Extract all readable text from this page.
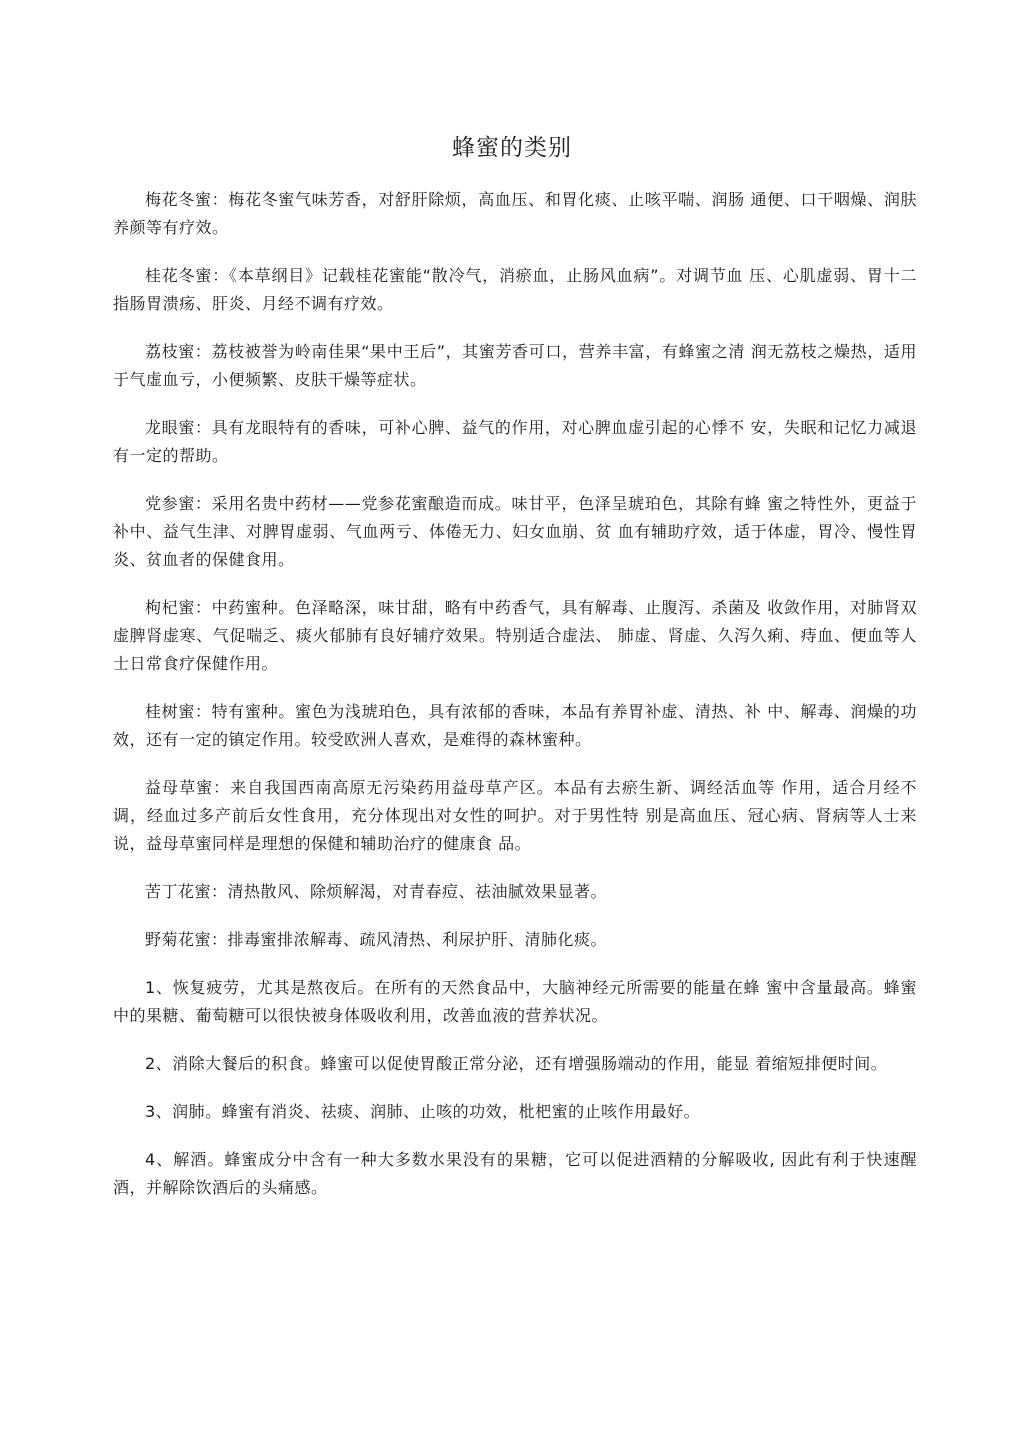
蜂蜜的类别

梅花冬蜜：梅花冬蜜气味芳香，对舒肝除烦，高血压、和胃化痰、止咳平喘、润肠 通便、口干咽燥、润肤养颜等有疗效。

桂花冬蜜：《本草纲目》记载桂花蜜能“散冷气，消瘀血，止肠风血病”。对调节血 压、心肌虚弱、胃十二指肠胃溃疡、肝炎、月经不调有疗效。

荔枝蜜：荔枝被誉为岭南佳果“果中王后”，其蜜芳香可口，营养丰富，有蜂蜜之清 润无荔枝之燥热，适用于气虚血亏，小便频繁、皮肤干燥等症状。

龙眼蜜：具有龙眼特有的香味，可补心脾、益气的作用，对心脾血虚引起的心悸不 安，失眠和记忆力减退有一定的帮助。

党参蜜：采用名贵中药材——党参花蜜酿造而成。味甘平，色泽呈琥珀色，其除有蜂 蜜之特性外，更益于补中、益气生津、对脾胃虚弱、气血两亏、体倦无力、妇女血崩、贫 血有辅助疗效，适于体虚，胃冷、慢性胃炎、贫血者的保健食用。

枸杞蜜：中药蜜种。色泽略深，味甘甜，略有中药香气，具有解毒、止腹泻、杀菌及 收敛作用，对肺肾双虚脾肾虚寒、气促喘乏、痰火郁肺有良好辅疗效果。特别适合虚法、 肺虚、肾虚、久泻久痢、痔血、便血等人士日常食疗保健作用。

桂树蜜：特有蜜种。蜜色为浅琥珀色，具有浓郁的香味，本品有养胃补虚、清热、补 中、解毒、润燥的功效，还有一定的镇定作用。较受欧洲人喜欢，是难得的森林蜜种。

益母草蜜：来自我国西南高原无污染药用益母草产区。本品有去瘀生新、调经活血等 作用，适合月经不调，经血过多产前后女性食用，充分体现出对女性的呵护。对于男性特 别是高血压、冠心病、肾病等人士来说，益母草蜜同样是理想的保健和辅助治疗的健康食 品。

苦丁花蜜：清热散风、除烦解渴，对青春痘、祛油腻效果显著。

野菊花蜜：排毒蜜排浓解毒、疏风清热、利尿护肝、清肺化痰。

1、恢复疲劳，尤其是熬夜后。在所有的天然食品中，大脑神经元所需要的能量在蜂 蜜中含量最高。蜂蜜中的果糖、葡萄糖可以很快被身体吸收利用，改善血液的营养状况。

2、消除大餐后的积食。蜂蜜可以促使胃酸正常分泌，还有增强肠端动的作用，能显 着缩短排便时间。

3、润肺。蜂蜜有消炎、祛痰、润肺、止咳的功效，枇杷蜜的止咳作用最好。

4、解酒。蜂蜜成分中含有一种大多数水果没有的果糖，它可以促进酒精的分解吸收, 因此有利于快速醒酒，并解除饮酒后的头痛感。
